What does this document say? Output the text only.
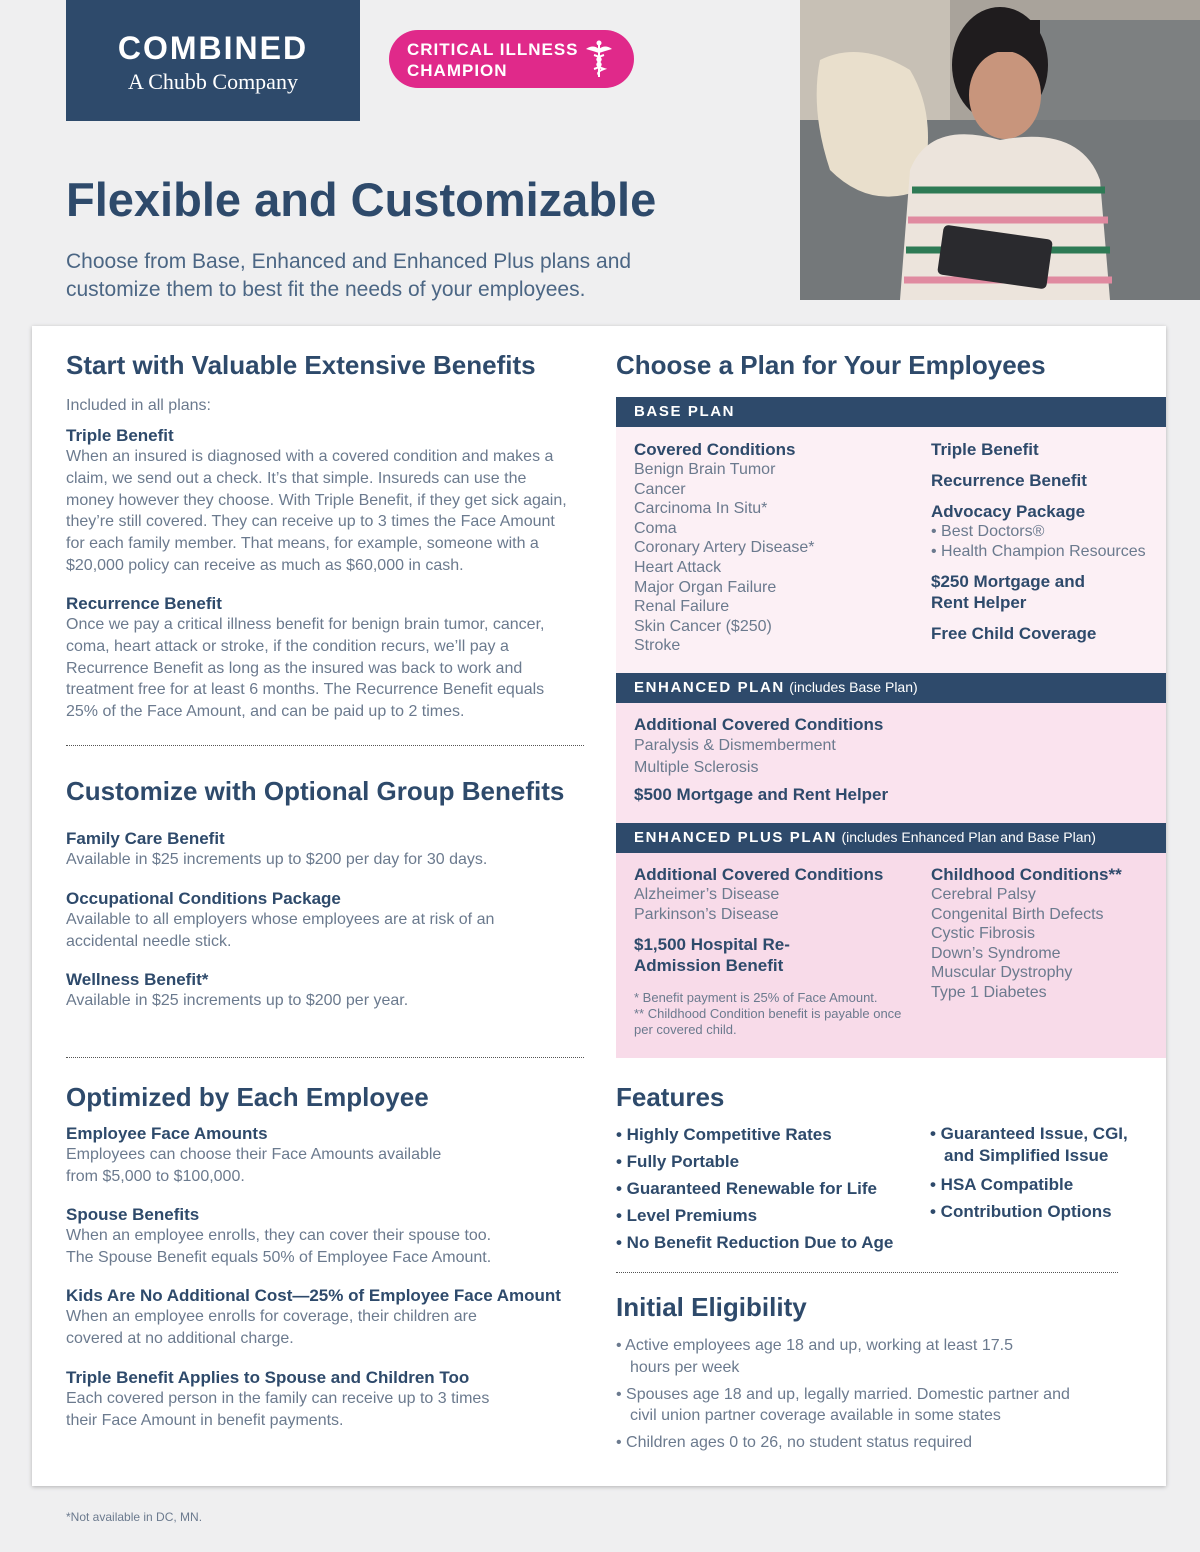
COMBINED
A Chubb Company
CRITICAL ILLNESS
CHAMPION
Flexible and Customizable
Choose from Base, Enhanced and Enhanced Plus plans and customize them to best fit the needs of your employees.
Start with Valuable Extensive Benefits
Included in all plans:
Triple Benefit
When an insured is diagnosed with a covered condition and makes a claim, we send out a check. It’s that simple. Insureds can use the money however they choose. With Triple Benefit, if they get sick again, they’re still covered. They can receive up to 3 times the Face Amount for each family member. That means, for example, someone with a $20,000 policy can receive as much as $60,000 in cash.
Recurrence Benefit
Once we pay a critical illness benefit for benign brain tumor, cancer, coma, heart attack or stroke, if the condition recurs, we’ll pay a Recurrence Benefit as long as the insured was back to work and treatment free for at least 6 months. The Recurrence Benefit equals 25% of the Face Amount, and can be paid up to 2 times.
Customize with Optional Group Benefits
Family Care Benefit
Available in $25 increments up to $200 per day for 30 days.
Occupational Conditions Package
Available to all employers whose employees are at risk of an accidental needle stick.
Wellness Benefit*
Available in $25 increments up to $200 per year.
Optimized by Each Employee
Employee Face Amounts
Employees can choose their Face Amounts available from $5,000 to $100,000.
Spouse Benefits
When an employee enrolls, they can cover their spouse too. The Spouse Benefit equals 50% of Employee Face Amount.
Kids Are No Additional Cost—25% of Employee Face Amount
When an employee enrolls for coverage, their children are covered at no additional charge.
Triple Benefit Applies to Spouse and Children Too
Each covered person in the family can receive up to 3 times their Face Amount in benefit payments.
Choose a Plan for Your Employees
BASE PLAN
Covered Conditions
Benign Brain Tumor
Cancer
Carcinoma In Situ*
Coma
Coronary Artery Disease*
Heart Attack
Major Organ Failure
Renal Failure
Skin Cancer ($250)
Stroke
Triple Benefit
Recurrence Benefit
Advocacy Package
• Best Doctors®
• Health Champion Resources
$250 Mortgage and Rent Helper
Free Child Coverage
ENHANCED PLAN (includes Base Plan)
Additional Covered Conditions
Paralysis & Dismemberment
Multiple Sclerosis
$500 Mortgage and Rent Helper
ENHANCED PLUS PLAN (includes Enhanced Plan and Base Plan)
Additional Covered Conditions
Alzheimer’s Disease
Parkinson’s Disease
$1,500 Hospital Re-Admission Benefit
* Benefit payment is 25% of Face Amount.
** Childhood Condition benefit is payable once per covered child.
Childhood Conditions**
Cerebral Palsy
Congenital Birth Defects
Cystic Fibrosis
Down’s Syndrome
Muscular Dystrophy
Type 1 Diabetes
Features
• Highly Competitive Rates
• Fully Portable
• Guaranteed Renewable for Life
• Level Premiums
• No Benefit Reduction Due to Age
• Guaranteed Issue, CGI, and Simplified Issue
• HSA Compatible
• Contribution Options
Initial Eligibility
• Active employees age 18 and up, working at least 17.5 hours per week
• Spouses age 18 and up, legally married. Domestic partner and civil union partner coverage available in some states
• Children ages 0 to 26, no student status required
*Not available in DC, MN.
